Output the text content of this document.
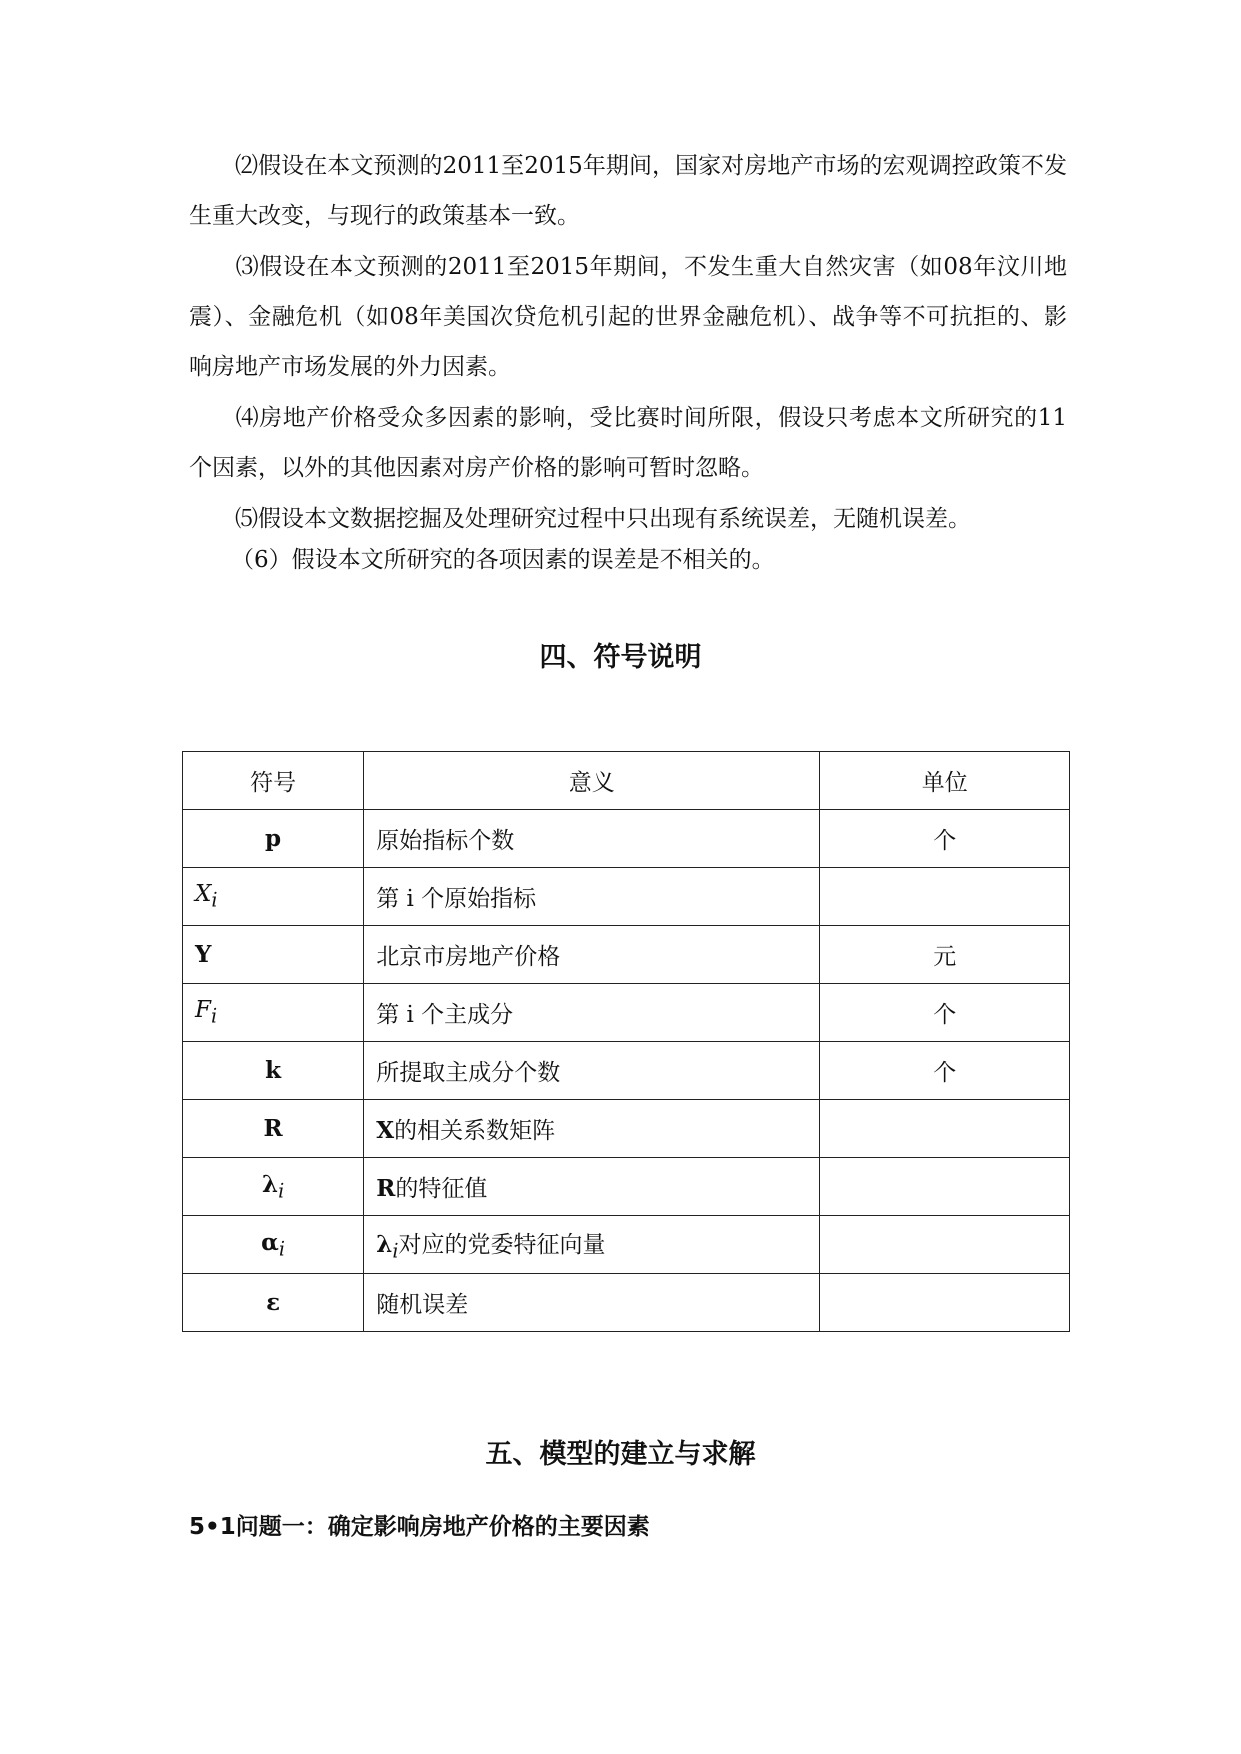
⑵假设在本文预测的2011至2015年期间，国家对房地产市场的宏观调控政策不发生重大改变，与现行的政策基本一致。

⑶假设在本文预测的2011至2015年期间，不发生重大自然灾害（如08年汶川地震）、金融危机（如08年美国次贷危机引起的世界金融危机）、战争等不可抗拒的、影响房地产市场发展的外力因素。

⑷房地产价格受众多因素的影响，受比赛时间所限，假设只考虑本文所研究的11个因素，以外的其他因素对房产价格的影响可暂时忽略。

⑸假设本文数据挖掘及处理研究过程中只出现有系统误差，无随机误差。

（6）假设本文所研究的各项因素的误差是不相关的。

四、符号说明
符号	意义	单位
p	原始指标个数	个
$X_i$	第 i 个原始指标	
Y	北京市房地产价格	元
$F_i$	第 i 个主成分	个
k	所提取主成分个数	个
R	X的相关系数矩阵	
$\lambda_i$	R的特征值	
$\alpha_i$	$\lambda_i$对应的党委特征向量	
ε	随机误差	
五、模型的建立与求解

5•1问题一：确定影响房地产价格的主要因素
